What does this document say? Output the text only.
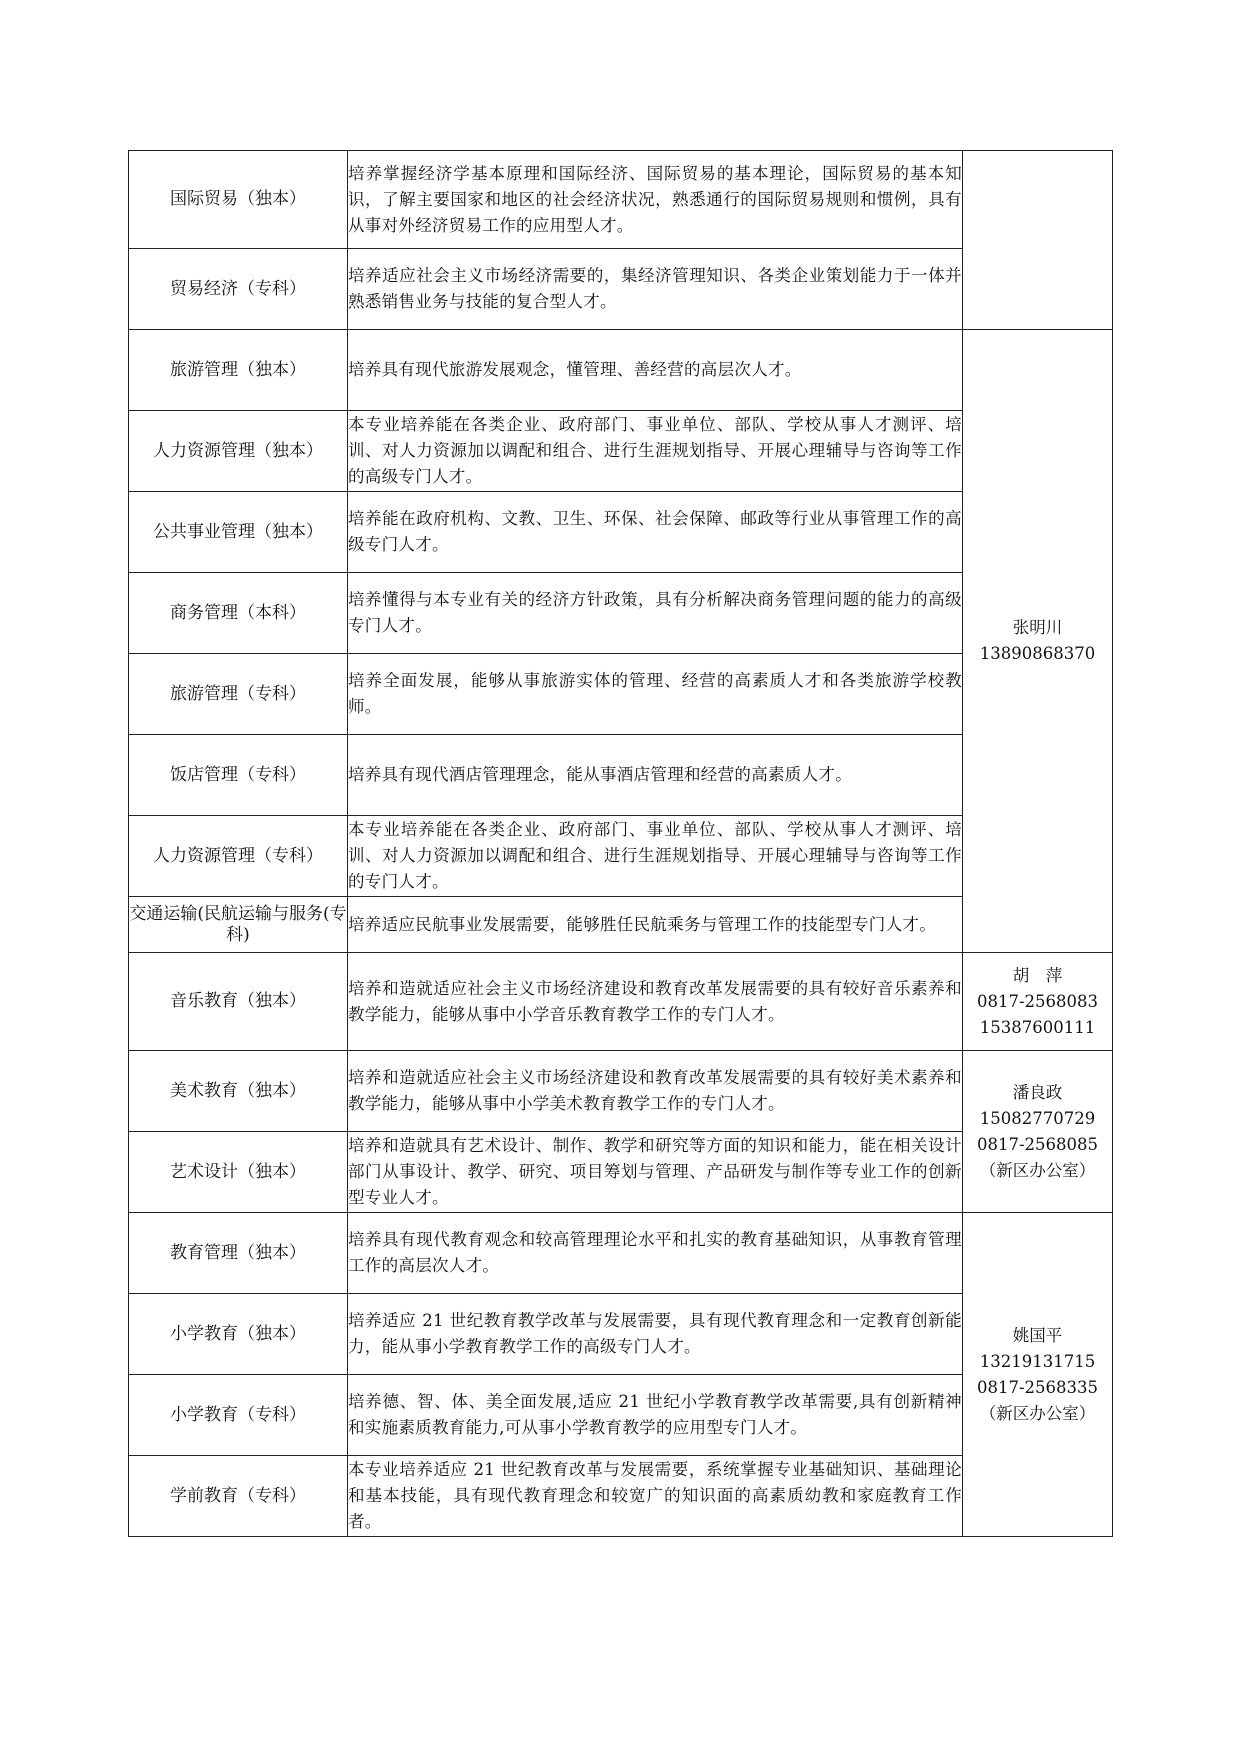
国际贸易（独本）	培养掌握经济学基本原理和国际经济、国际贸易的基本理论，国际贸易的基本知识，了解主要国家和地区的社会经济状况，熟悉通行的国际贸易规则和惯例，具有从事对外经济贸易工作的应用型人才。	
贸易经济（专科）	培养适应社会主义市场经济需要的，集经济管理知识、各类企业策划能力于一体并熟悉销售业务与技能的复合型人才。	
旅游管理（独本）	培养具有现代旅游发展观念，懂管理、善经营的高层次人才。	张明川
13890868370

人力资源管理（独本）	本专业培养能在各类企业、政府部门、事业单位、部队、学校从事人才测评、培训、对人力资源加以调配和组合、进行生涯规划指导、开展心理辅导与咨询等工作的高级专门人才。	
公共事业管理（独本）	培养能在政府机构、文教、卫生、环保、社会保障、邮政等行业从事管理工作的高级专门人才。	
商务管理（本科）	培养懂得与本专业有关的经济方针政策，具有分析解决商务管理问题的能力的高级专门人才。	
旅游管理（专科）	培养全面发展，能够从事旅游实体的管理、经营的高素质人才和各类旅游学校教师。	
饭店管理（专科）	培养具有现代酒店管理理念，能从事酒店管理和经营的高素质人才。	
人力资源管理（专科）	本专业培养能在各类企业、政府部门、事业单位、部队、学校从事人才测评、培训、对人力资源加以调配和组合、进行生涯规划指导、开展心理辅导与咨询等工作的专门人才。	
交通运输(民航运输与服务(专科)	培养适应民航事业发展需要，能够胜任民航乘务与管理工作的技能型专门人才。	
音乐教育（独本）	培养和造就适应社会主义市场经济建设和教育改革发展需要的具有较好音乐素养和教学能力，能够从事中小学音乐教育教学工作的专门人才。	胡　萍
0817-2568083
15387600111

美术教育（独本）	培养和造就适应社会主义市场经济建设和教育改革发展需要的具有较好美术素养和教学能力，能够从事中小学美术教育教学工作的专门人才。	潘良政
15082770729
0817-2568085
（新区办公室）

艺术设计（独本）	培养和造就具有艺术设计、制作、教学和研究等方面的知识和能力，能在相关设计部门从事设计、教学、研究、项目筹划与管理、产品研发与制作等专业工作的创新型专业人才。	
教育管理（独本）	培养具有现代教育观念和较高管理理论水平和扎实的教育基础知识，从事教育管理工作的高层次人才。	姚国平
13219131715
0817-2568335
（新区办公室）

小学教育（独本）	培养适应 21 世纪教育教学改革与发展需要，具有现代教育理念和一定教育创新能力，能从事小学教育教学工作的高级专门人才。	
小学教育（专科）	培养德、智、体、美全面发展,适应 21 世纪小学教育教学改革需要,具有创新精神和实施素质教育能力,可从事小学教育教学的应用型专门人才。	
学前教育（专科）	本专业培养适应 21 世纪教育改革与发展需要，系统掌握专业基础知识、基础理论和基本技能，具有现代教育理念和较宽广的知识面的高素质幼教和家庭教育工作者。	
